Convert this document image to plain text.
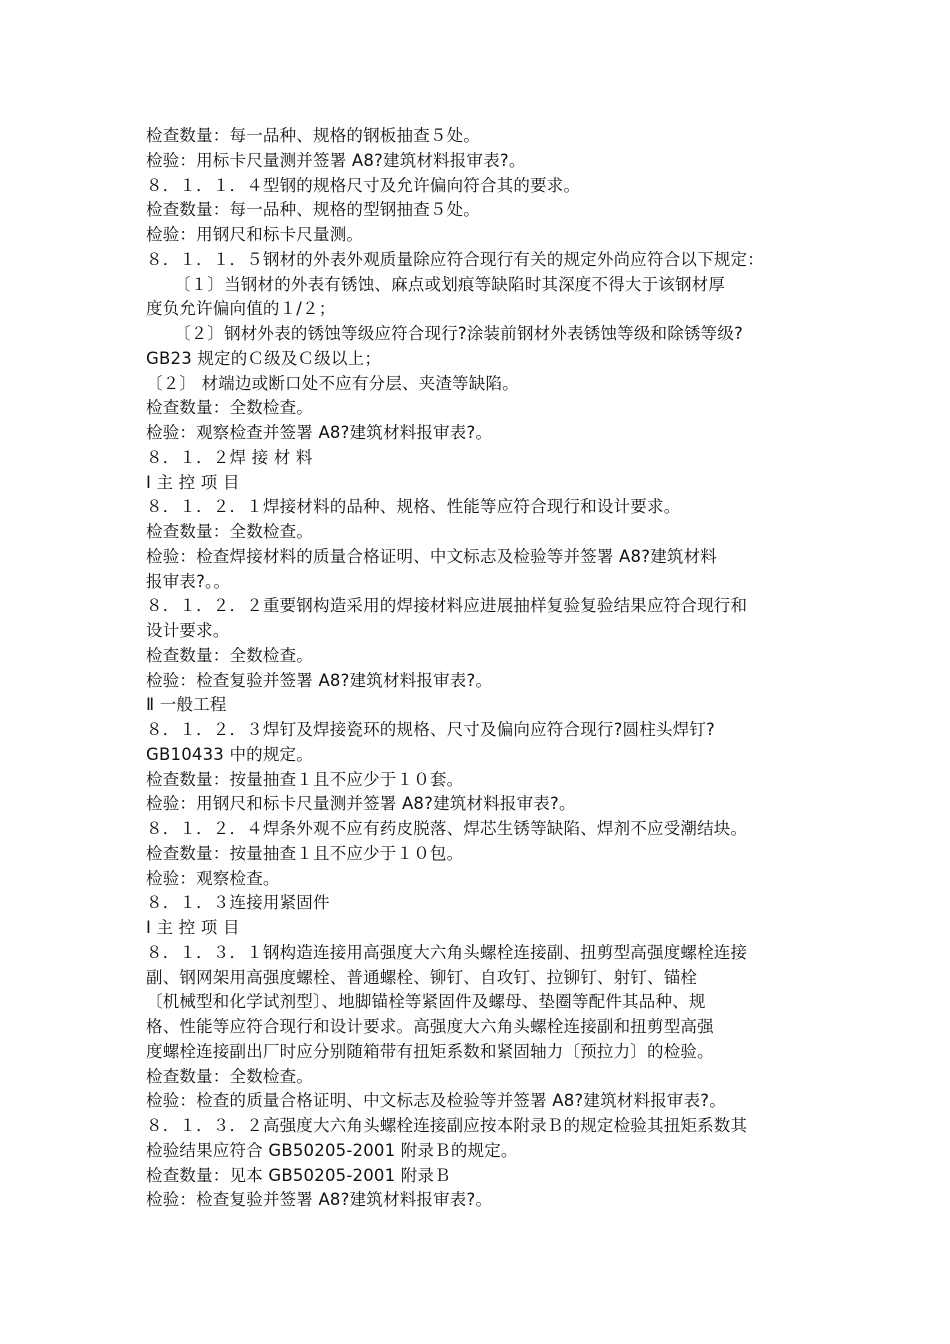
检查数量：每一品种、规格的钢板抽查５处。
检验：用标卡尺量测并签署 A8?建筑材料报审表?。
８．１．１．４型钢的规格尺寸及允许偏向符合其的要求。
检查数量：每一品种、规格的型钢抽查５处。
检验：用钢尺和标卡尺量测。
８．１．１．５钢材的外表外观质量除应符合现行有关的规定外尚应符合以下规定：
〔１〕当钢材的外表有锈蚀、麻点或划痕等缺陷时其深度不得大于该钢材厚
度负允许偏向值的１/２；
〔２〕钢材外表的锈蚀等级应符合现行?涂装前钢材外表锈蚀等级和除锈等级?
GB23 规定的Ｃ级及Ｃ级以上；
〔２〕 材端边或断口处不应有分层、夹渣等缺陷。
检查数量：全数检查。
检验：观察检查并签署 A8?建筑材料报审表?。
８．１．２焊 接 材 料
Ⅰ 主 控 项 目
８．１．２．１焊接材料的品种、规格、性能等应符合现行和设计要求。
检查数量：全数检查。
检验：检查焊接材料的质量合格证明、中文标志及检验等并签署 A8?建筑材料
报审表?。。
８．１．２．２重要钢构造采用的焊接材料应进展抽样复验复验结果应符合现行和
设计要求。
检查数量：全数检查。
检验：检查复验并签署 A8?建筑材料报审表?。
Ⅱ 一般工程
８．１．２．３焊钉及焊接瓷环的规格、尺寸及偏向应符合现行?圆柱头焊钉?
GB10433 中的规定。
检查数量：按量抽查１且不应少于１０套。
检验：用钢尺和标卡尺量测并签署 A8?建筑材料报审表?。
８．１．２．４焊条外观不应有药皮脱落、焊芯生锈等缺陷、焊剂不应受潮结块。
检查数量：按量抽查１且不应少于１０包。
检验：观察检查。
８．１．３连接用紧固件
Ⅰ 主 控 项 目
８．１．３．１钢构造连接用高强度大六角头螺栓连接副、扭剪型高强度螺栓连接
副、钢网架用高强度螺栓、普通螺栓、铆钉、自攻钉、拉铆钉、射钉、锚栓
〔机械型和化学试剂型〕、地脚锚栓等紧固件及螺母、垫圈等配件其品种、规
格、性能等应符合现行和设计要求。高强度大六角头螺栓连接副和扭剪型高强
度螺栓连接副出厂时应分别随箱带有扭矩系数和紧固轴力〔预拉力〕的检验。
检查数量：全数检查。
检验：检查的质量合格证明、中文标志及检验等并签署 A8?建筑材料报审表?。
８．１．３．２高强度大六角头螺栓连接副应按本附录Ｂ的规定检验其扭矩系数其
检验结果应符合 GB50205-2001 附录Ｂ的规定。
检查数量：见本 GB50205-2001 附录Ｂ
检验：检查复验并签署 A8?建筑材料报审表?。
